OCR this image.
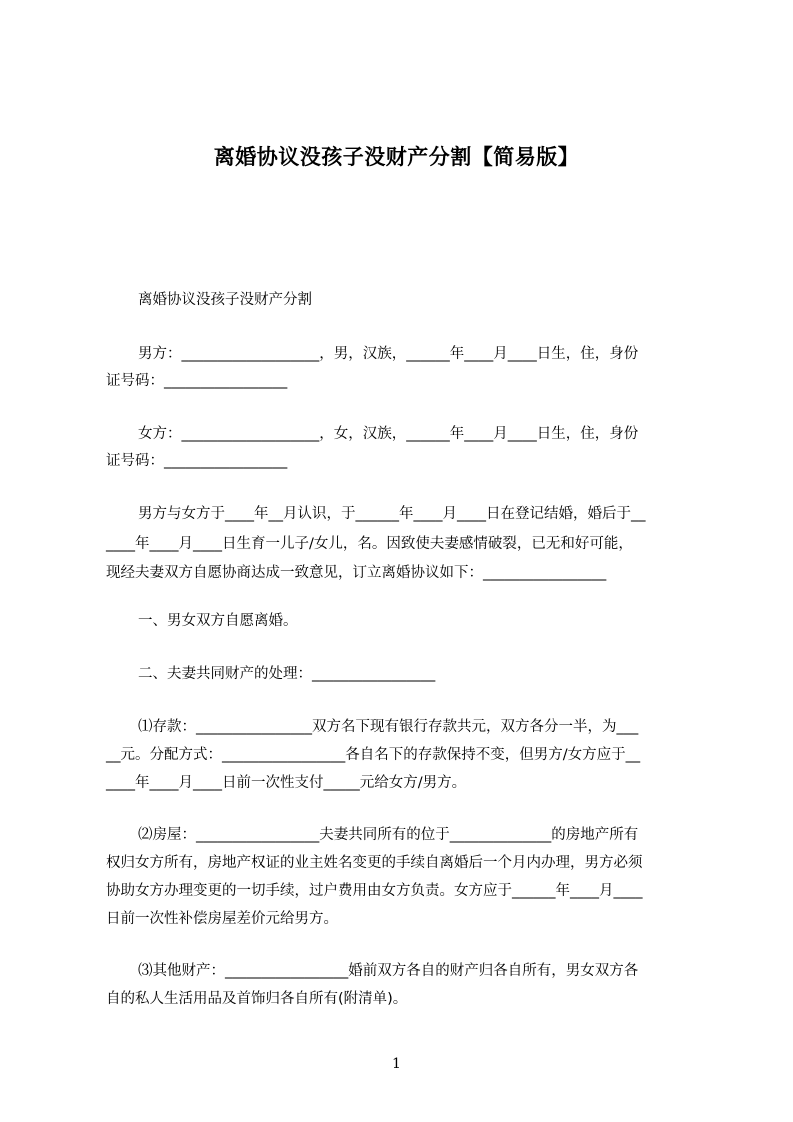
离婚协议没孩子没财产分割【简易版】
离婚协议没孩子没财产分割
男方：___________________，男，汉族，______年____月____日生，住，身份
证号码：_________________
女方：___________________，女，汉族，______年____月____日生，住，身份
证号码：_________________
男方与女方于____年__月认识，于______年____月____日在登记结婚，婚后于__
____年____月____日生育一儿子/女儿，名。因致使夫妻感情破裂，已无和好可能，
现经夫妻双方自愿协商达成一致意见，订立离婚协议如下：_________________
一、男女双方自愿离婚。
二、夫妻共同财产的处理：_________________
⑴存款：________________双方名下现有银行存款共元，双方各分一半，为___
__元。分配方式：_________________各自名下的存款保持不变，但男方/女方应于__
____年____月____日前一次性支付_____元给女方/男方。
⑵房屋：_________________夫妻共同所有的位于______________的房地产所有
权归女方所有，房地产权证的业主姓名变更的手续自离婚后一个月内办理，男方必须
协助女方办理变更的一切手续，过户费用由女方负责。女方应于______年____月____
日前一次性补偿房屋差价元给男方。
⑶其他财产：_________________婚前双方各自的财产归各自所有，男女双方各
自的私人生活用品及首饰归各自所有(附清单)。
1
